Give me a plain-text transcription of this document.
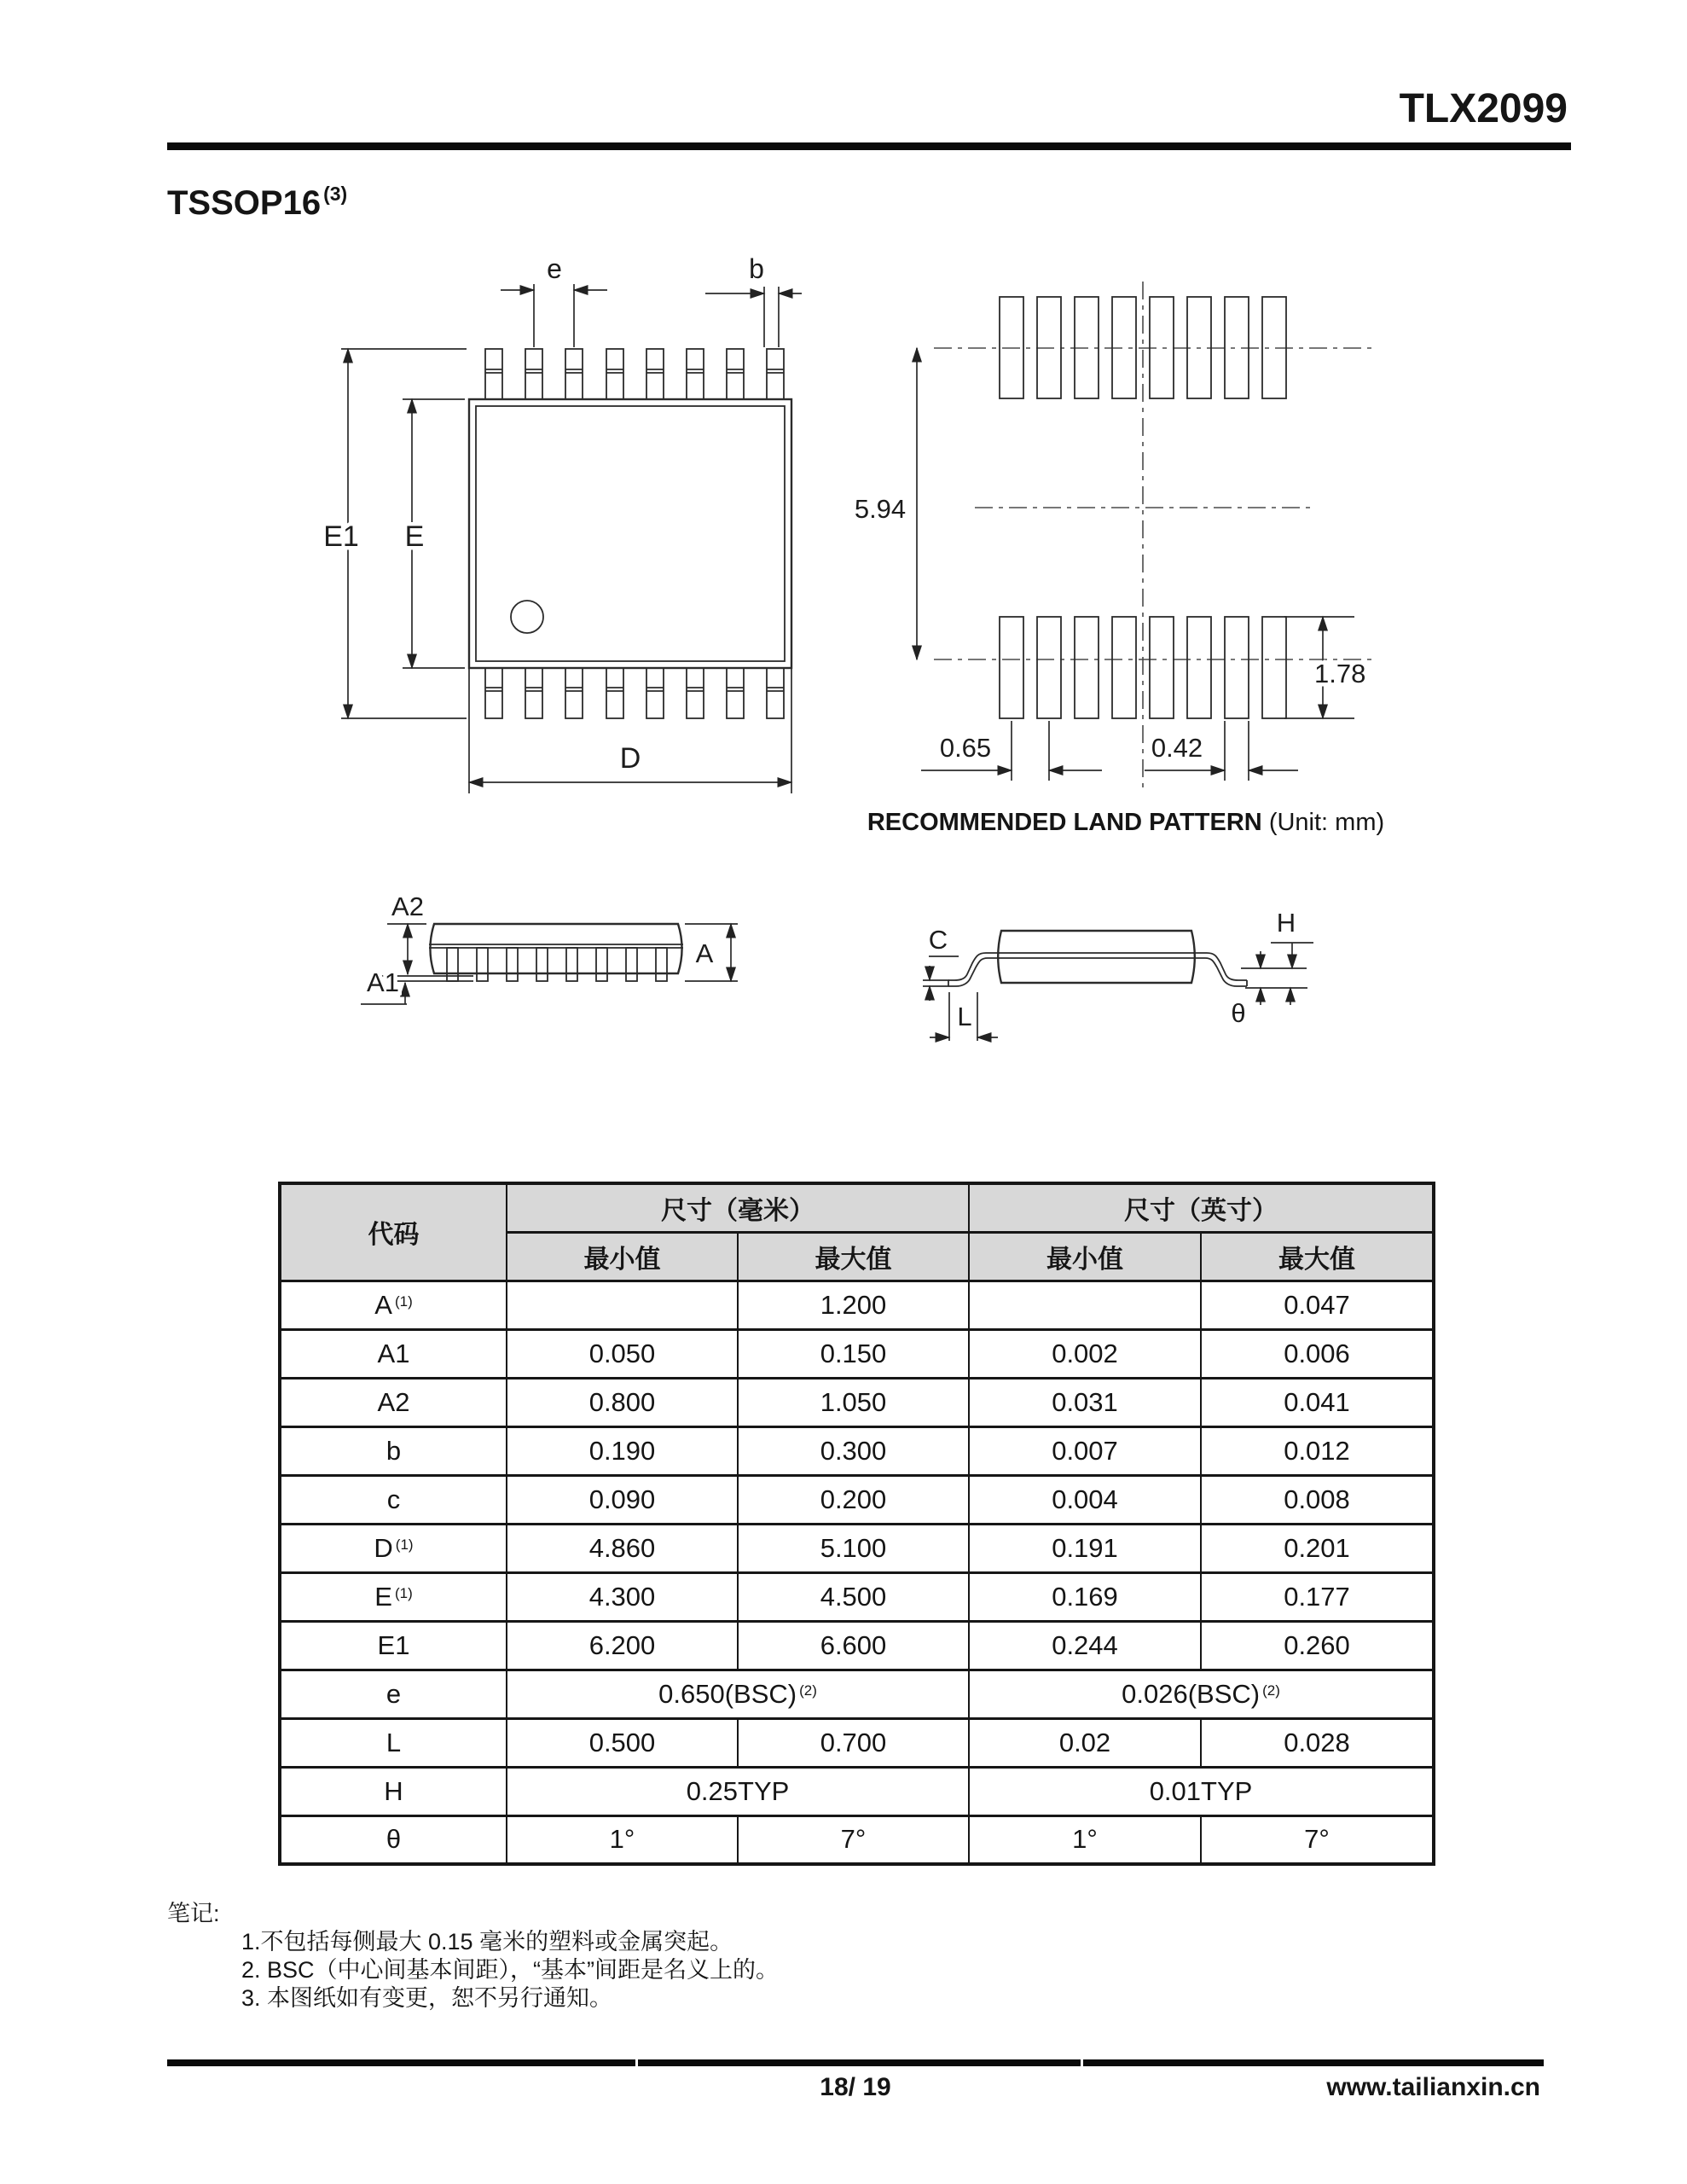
TLX2099
TSSOP16 $^{(3)}$
e	b
E1 E
D
5.94
1.78
0.65	0.42
RECOMMENDED LAND PATTERN (Unit: mm)
A2
A1
A	C
L
H
θ
代码	尺寸（毫米）		尺寸（英寸）	
	最小值	最大值	最小值	最大值
A $^{(1)}$		1.200		0.047
A1	0.050	0.150	0.002	0.006
A2	0.800	1.050	0.031	0.041
b	0.190	0.300	0.007	0.012
c	0.090	0.200	0.004	0.008
D $^{(1)}$	4.860	5.100	0.191	0.201
E $^{(1)}$	4.300	4.500	0.169	0.177
E1	6.200	6.600	0.244	0.260
e	0.650(BSC) $^{(2)}$		0.026(BSC) $^{(2)}$
L	0.500	0.700	0.02	0.028
H	0.25TYP		0.01TYP	
θ	1°	7°	1°	7°
笔记:
1.不包括每侧最大 0.15 毫米的塑料或金属突起。
2. BSC（中心间基本间距），“基本”间距是名义上的。
3. 本图纸如有变更，恕不另行通知。
18/ 19	www.tailianxin.cn
